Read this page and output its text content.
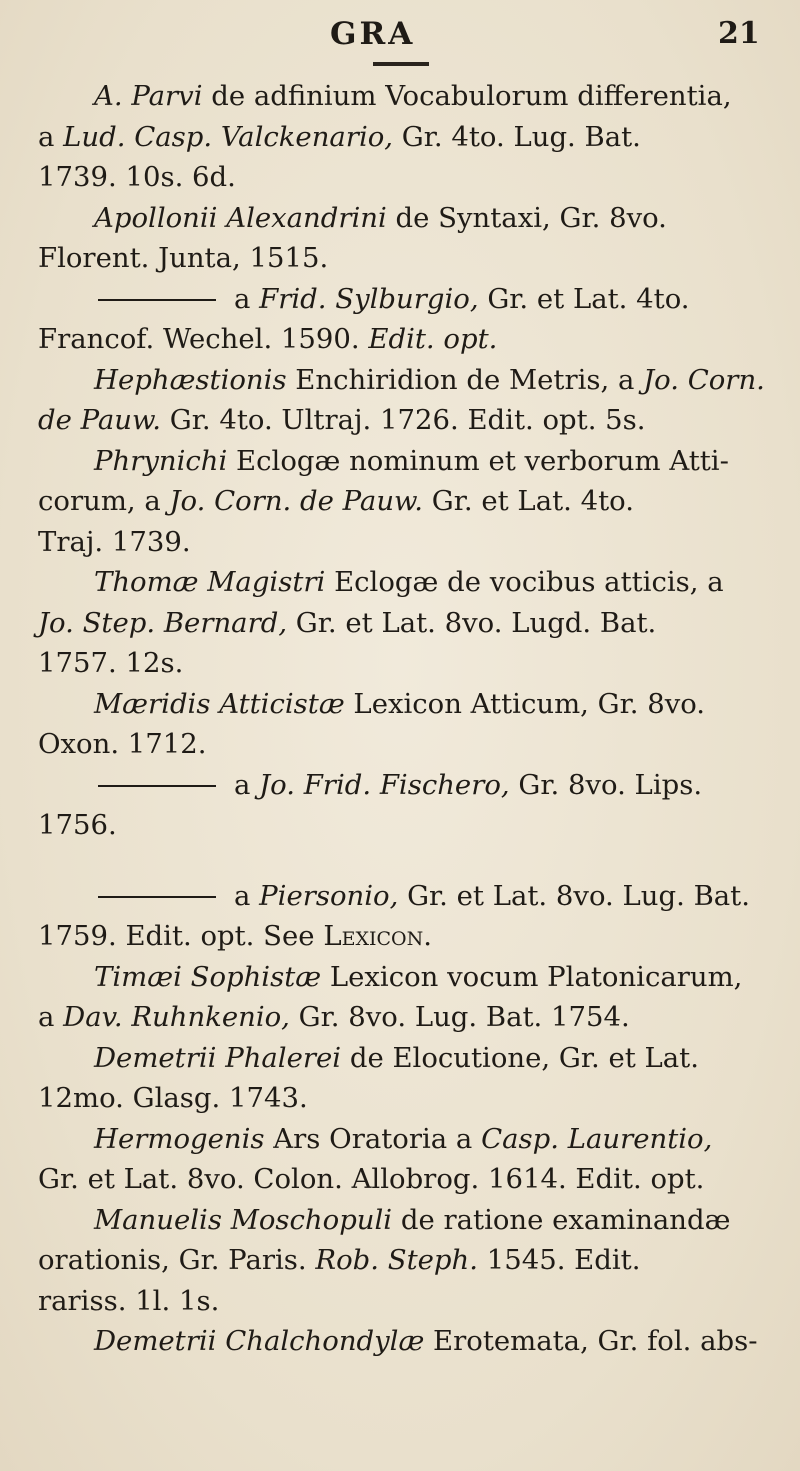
GRA	21
A. Parvi de adfinium Vocabulorum differentia,
a Lud. Casp. Valckenario, Gr. 4to. Lug. Bat.
1739. 10s. 6d.
Apollonii Alexandrini de Syntaxi, Gr. 8vo.
Florent. Junta, 1515.
a Frid. Sylburgio, Gr. et Lat. 4to.
Francof. Wechel. 1590. Edit. opt.
Hephæstionis Enchiridion de Metris, a Jo. Corn.
de Pauw. Gr. 4to. Ultraj. 1726. Edit. opt. 5s.
Phrynichi Eclogæ nominum et verborum Atti-
corum, a Jo. Corn. de Pauw. Gr. et Lat. 4to.
Traj. 1739.
Thomæ Magistri Eclogæ de vocibus atticis, a
Jo. Step. Bernard, Gr. et Lat. 8vo. Lugd. Bat.
1757. 12s.
Mæridis Atticistæ Lexicon Atticum, Gr. 8vo.
Oxon. 1712.
a Jo. Frid. Fischero, Gr. 8vo. Lips.
1756.
a Piersonio, Gr. et Lat. 8vo. Lug. Bat.
1759. Edit. opt. See Lexicon.
Timæi Sophistæ Lexicon vocum Platonicarum,
a Dav. Ruhnkenio, Gr. 8vo. Lug. Bat. 1754.
Demetrii Phalerei de Elocutione, Gr. et Lat.
12mo. Glasg. 1743.
Hermogenis Ars Oratoria a Casp. Laurentio,
Gr. et Lat. 8vo. Colon. Allobrog. 1614. Edit. opt.
Manuelis Moschopuli de ratione examinandæ
orationis, Gr. Paris. Rob. Steph. 1545. Edit.
rariss. 1l. 1s.
Demetrii Chalchondylæ Erotemata, Gr. fol. abs-
